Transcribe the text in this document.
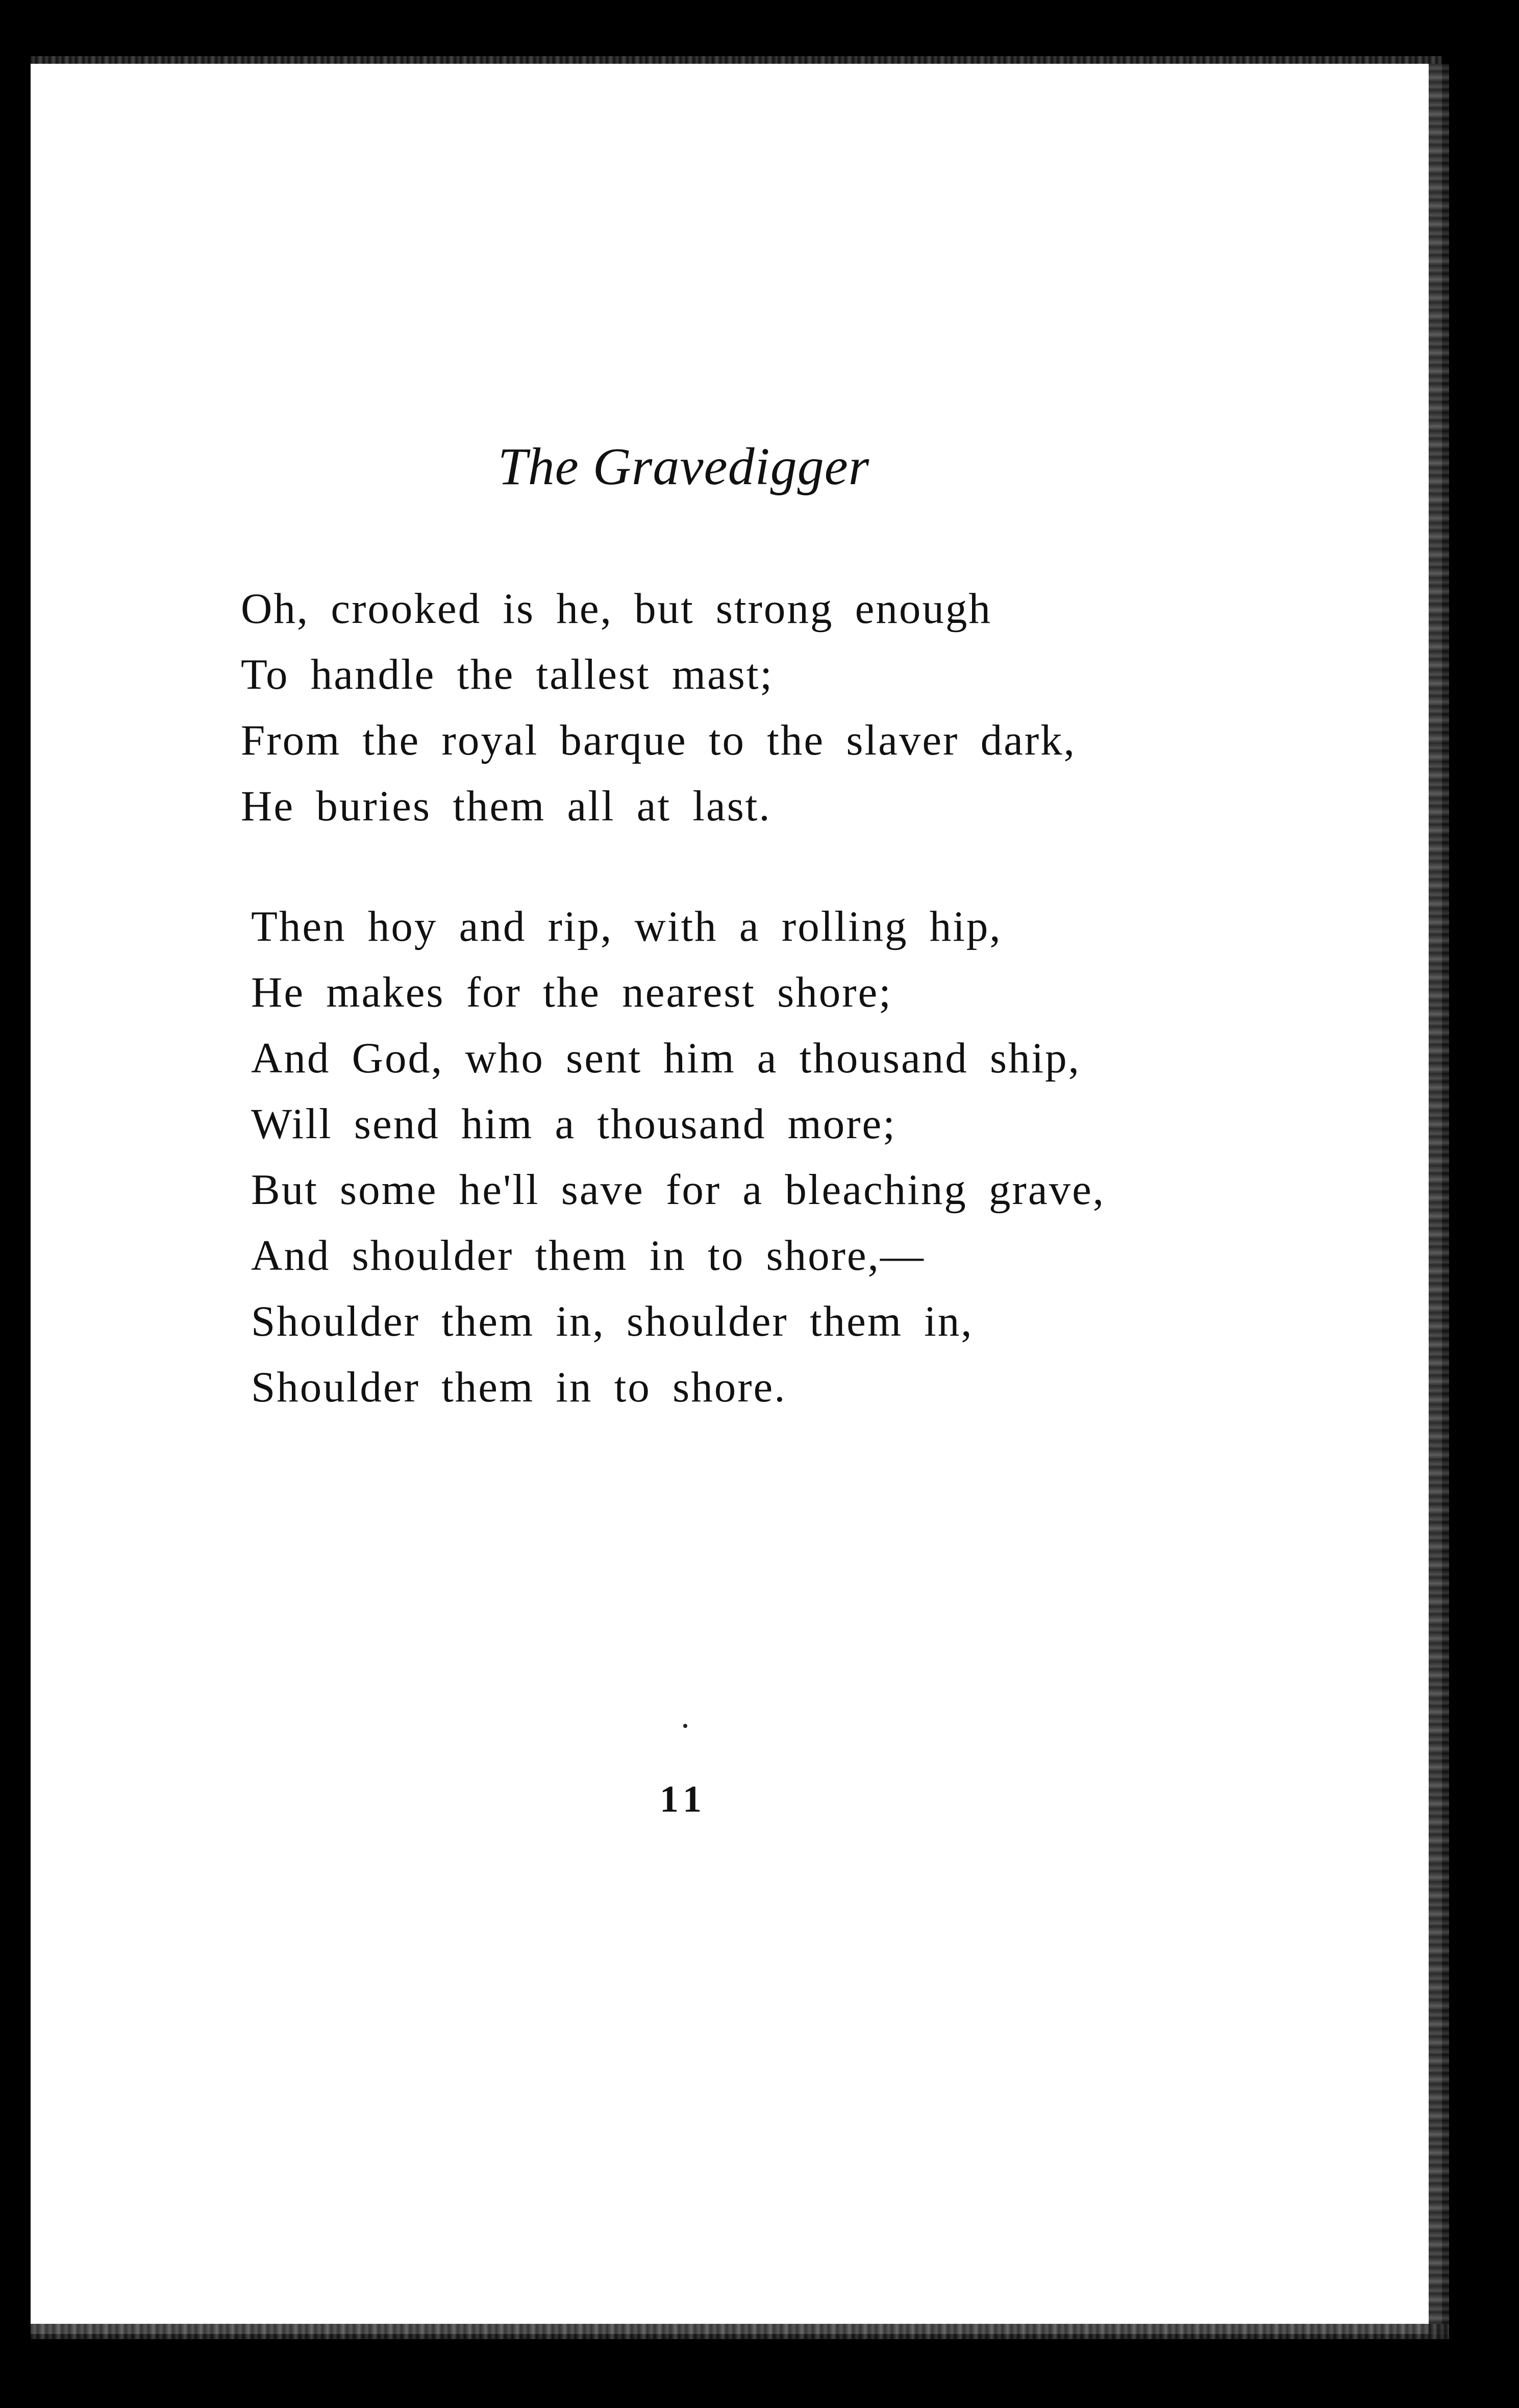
The Gravedigger
Oh, crooked is he, but strong enough
To handle the tallest mast;
From the royal barque to the slaver dark,
He buries them all at last.
Then hoy and rip, with a rolling hip,
He makes for the nearest shore;
And God, who sent him a thousand ship,
Will send him a thousand more;
But some he'll save for a bleaching grave,
And shoulder them in to shore,—
Shoulder them in, shoulder them in,
Shoulder them in to shore.
11
